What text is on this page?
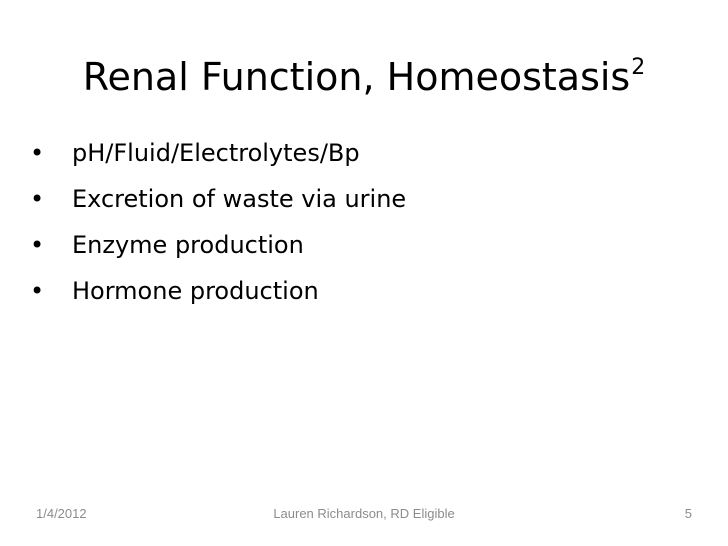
Renal Function, Homeostasis$^2$
•	pH/Fluid/Electrolytes/Bp
•	Excretion of waste via urine
•	Enzyme production
•	Hormone production
1/4/2012	Lauren Richardson, RD Eligible	5
